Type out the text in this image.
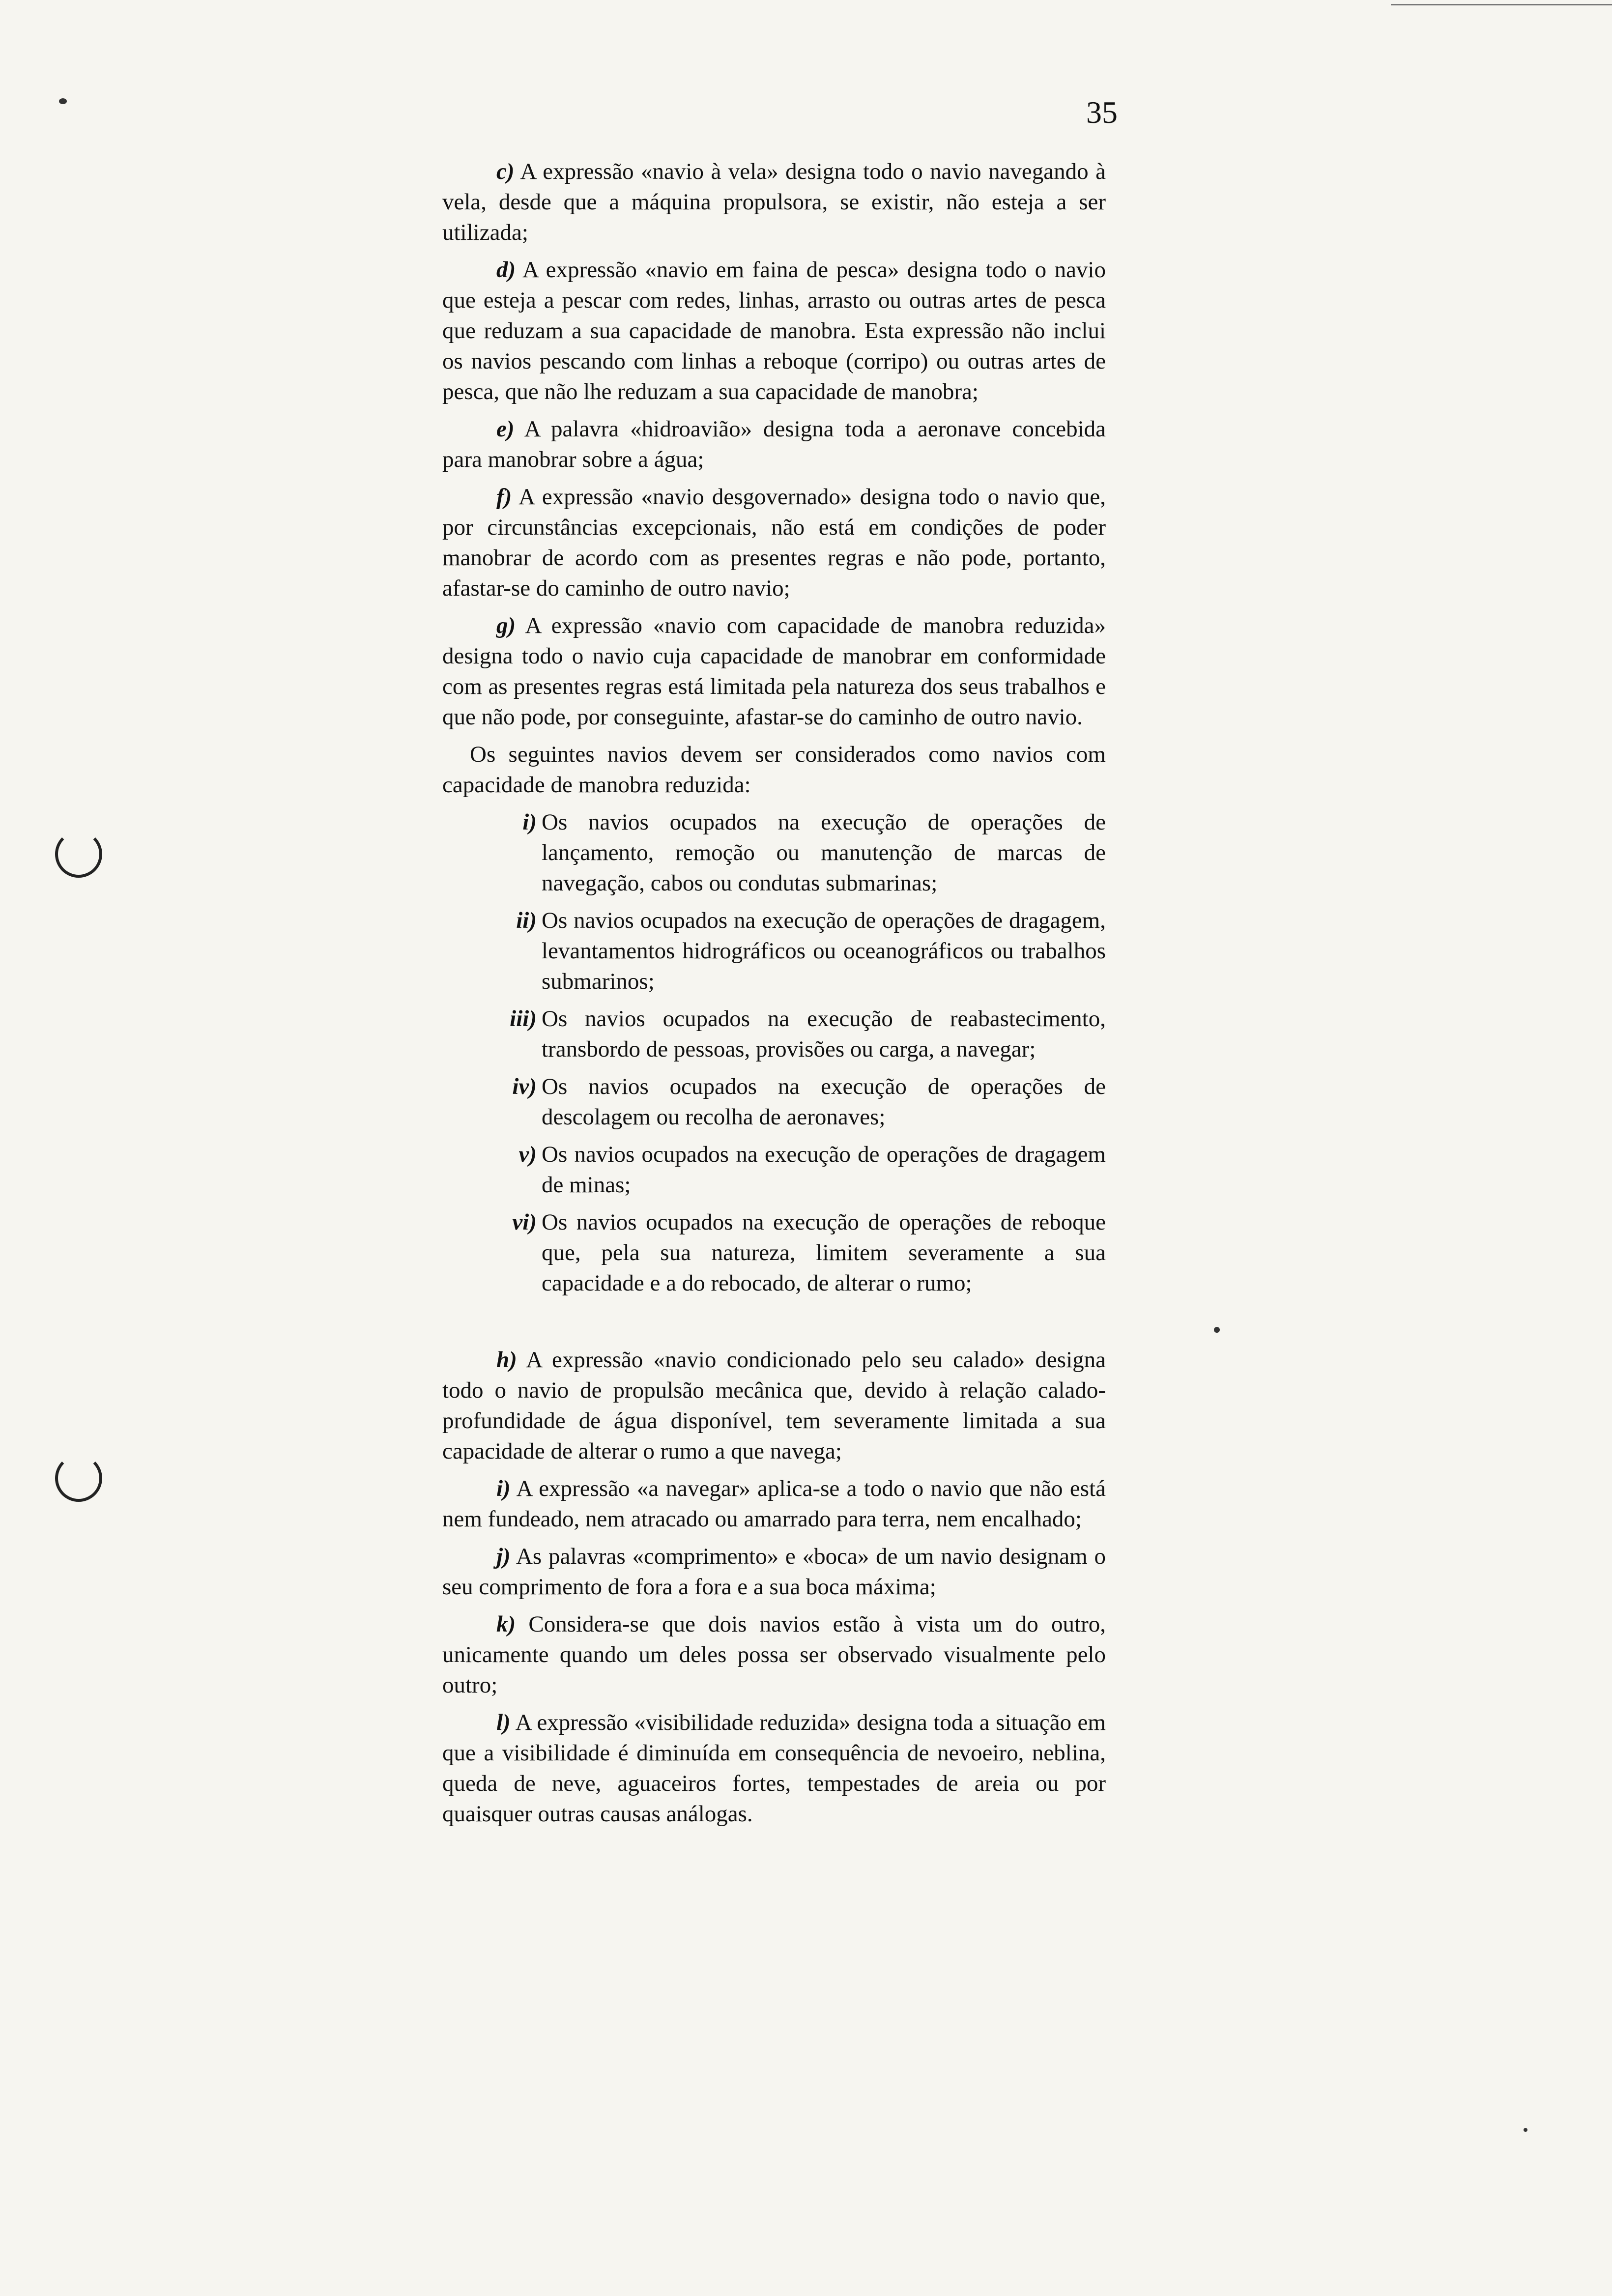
35
c) A expressão «navio à vela» designa todo o navio navegando à vela, desde que a máquina propulsora, se existir, não esteja a ser utilizada;
d) A expressão «navio em faina de pesca» designa todo o navio que esteja a pescar com redes, linhas, arrasto ou outras artes de pesca que reduzam a sua capacidade de manobra. Esta expressão não inclui os navios pescando com linhas a reboque (corripo) ou outras artes de pesca, que não lhe reduzam a sua capacidade de manobra;
e) A palavra «hidroavião» designa toda a aeronave concebida para manobrar sobre a água;
f) A expressão «navio desgovernado» designa todo o navio que, por circunstâncias excepcionais, não está em condições de poder manobrar de acordo com as presentes regras e não pode, portanto, afastar-se do caminho de outro navio;
g) A expressão «navio com capacidade de manobra reduzida» designa todo o navio cuja capacidade de manobrar em conformidade com as presentes regras está limitada pela natureza dos seus trabalhos e que não pode, por conseguinte, afastar-se do caminho de outro navio.
Os seguintes navios devem ser considerados como navios com capacidade de manobra reduzida:
i) Os navios ocupados na execução de operações de lançamento, remoção ou manutenção de marcas de navegação, cabos ou condutas submarinas;
ii) Os navios ocupados na execução de operações de dragagem, levantamentos hidrográficos ou oceanográficos ou trabalhos submarinos;
iii) Os navios ocupados na execução de reabastecimento, transbordo de pessoas, provisões ou carga, a navegar;
iv) Os navios ocupados na execução de operações de descolagem ou recolha de aeronaves;
v) Os navios ocupados na execução de operações de dragagem de minas;
vi) Os navios ocupados na execução de operações de reboque que, pela sua natureza, limitem severamente a sua capacidade e a do rebocado, de alterar o rumo;
h) A expressão «navio condicionado pelo seu calado» designa todo o navio de propulsão mecânica que, devido à relação calado-profundidade de água disponível, tem severamente limitada a sua capacidade de alterar o rumo a que navega;
i) A expressão «a navegar» aplica-se a todo o navio que não está nem fundeado, nem atracado ou amarrado para terra, nem encalhado;
j) As palavras «comprimento» e «boca» de um navio designam o seu comprimento de fora a fora e a sua boca máxima;
k) Considera-se que dois navios estão à vista um do outro, unicamente quando um deles possa ser observado visualmente pelo outro;
l) A expressão «visibilidade reduzida» designa toda a situação em que a visibilidade é diminuída em consequência de nevoeiro, neblina, queda de neve, aguaceiros fortes, tempestades de areia ou por quaisquer outras causas análogas.
